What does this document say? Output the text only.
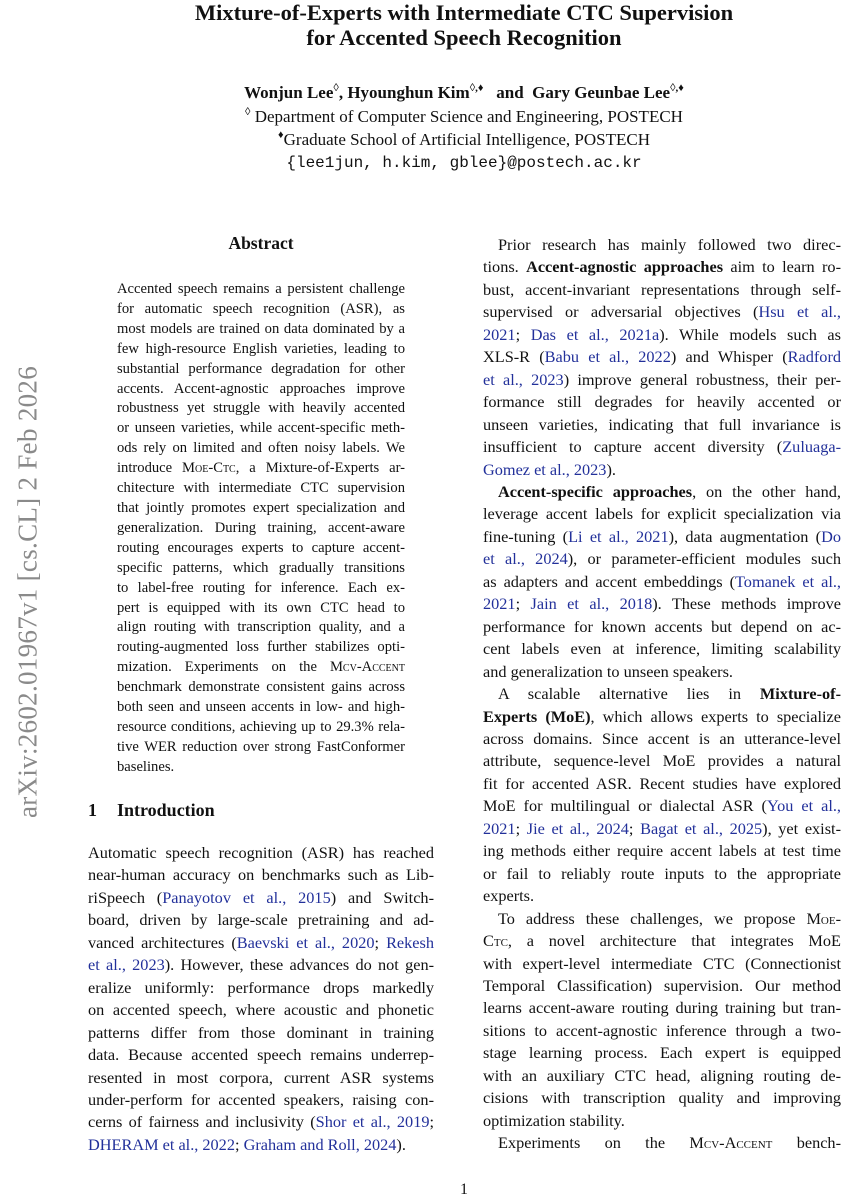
arXiv:2602.01967v1 [cs.CL] 2 Feb 2026
Mixture-of-Experts with Intermediate CTC Supervision
for Accented Speech Recognition
Wonjun Lee◊, Hyounghun Kim◊,♦ and Gary Geunbae Lee◊,♦
◊ Department of Computer Science and Engineering, POSTECH
♦Graduate School of Artificial Intelligence, POSTECH
{lee1jun, h.kim, gblee}@postech.ac.kr
Abstract
Accented speech remains a persistent challenge
for automatic speech recognition (ASR), as
most models are trained on data dominated by a
few high-resource English varieties, leading to
substantial performance degradation for other
accents. Accent-agnostic approaches improve
robustness yet struggle with heavily accented
or unseen varieties, while accent-specific meth-
ods rely on limited and often noisy labels. We
introduce Moe-Ctc, a Mixture-of-Experts ar-
chitecture with intermediate CTC supervision
that jointly promotes expert specialization and
generalization. During training, accent-aware
routing encourages experts to capture accent-
specific patterns, which gradually transitions
to label-free routing for inference. Each ex-
pert is equipped with its own CTC head to
align routing with transcription quality, and a
routing-augmented loss further stabilizes opti-
mization. Experiments on the Mcv-Accent
benchmark demonstrate consistent gains across
both seen and unseen accents in low- and high-
resource conditions, achieving up to 29.3% rela-
tive WER reduction over strong FastConformer
baselines.
1 Introduction
Automatic speech recognition (ASR) has reached
near-human accuracy on benchmarks such as Lib-
riSpeech (Panayotov et al., 2015) and Switch-
board, driven by large-scale pretraining and ad-
vanced architectures (Baevski et al., 2020; Rekesh
et al., 2023). However, these advances do not gen-
eralize uniformly: performance drops markedly
on accented speech, where acoustic and phonetic
patterns differ from those dominant in training
data. Because accented speech remains underrep-
resented in most corpora, current ASR systems
under-perform for accented speakers, raising con-
cerns of fairness and inclusivity (Shor et al., 2019;
DHERAM et al., 2022; Graham and Roll, 2024).
Prior research has mainly followed two direc-
tions. Accent-agnostic approaches aim to learn ro-
bust, accent-invariant representations through self-
supervised or adversarial objectives (Hsu et al.,
2021; Das et al., 2021a). While models such as
XLS-R (Babu et al., 2022) and Whisper (Radford
et al., 2023) improve general robustness, their per-
formance still degrades for heavily accented or
unseen varieties, indicating that full invariance is
insufficient to capture accent diversity (Zuluaga-
Gomez et al., 2023).
Accent-specific approaches, on the other hand,
leverage accent labels for explicit specialization via
fine-tuning (Li et al., 2021), data augmentation (Do
et al., 2024), or parameter-efficient modules such
as adapters and accent embeddings (Tomanek et al.,
2021; Jain et al., 2018). These methods improve
performance for known accents but depend on ac-
cent labels even at inference, limiting scalability
and generalization to unseen speakers.
A scalable alternative lies in Mixture-of-
Experts (MoE), which allows experts to specialize
across domains. Since accent is an utterance-level
attribute, sequence-level MoE provides a natural
fit for accented ASR. Recent studies have explored
MoE for multilingual or dialectal ASR (You et al.,
2021; Jie et al., 2024; Bagat et al., 2025), yet exist-
ing methods either require accent labels at test time
or fail to reliably route inputs to the appropriate
experts.
To address these challenges, we propose Moe-
Ctc, a novel architecture that integrates MoE
with expert-level intermediate CTC (Connectionist
Temporal Classification) supervision. Our method
learns accent-aware routing during training but tran-
sitions to accent-agnostic inference through a two-
stage learning process. Each expert is equipped
with an auxiliary CTC head, aligning routing de-
cisions with transcription quality and improving
optimization stability.
Experiments on the Mcv-Accent bench-
1
